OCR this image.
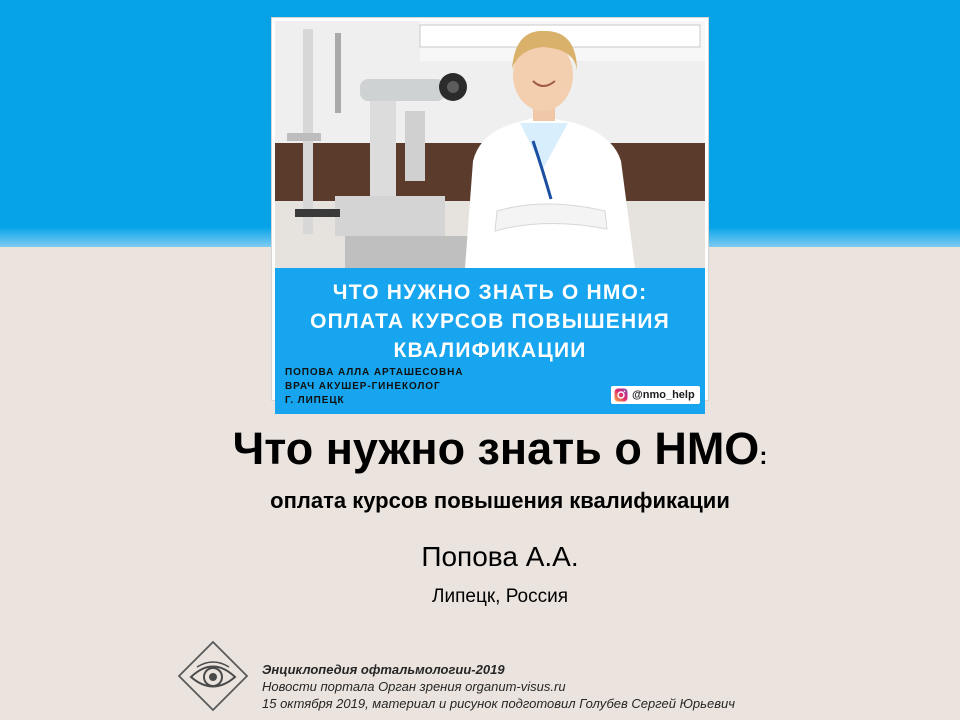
ЧТО НУЖНО ЗНАТЬ О НМО:
ОПЛАТА КУРСОВ ПОВЫШЕНИЯ
КВАЛИФИКАЦИИ

ПОПОВА АЛЛА АРТАШЕСОВНА
ВРАЧ АКУШЕР-ГИНЕКОЛОГ
Г. ЛИПЕЦК	@nmo_help
Что нужно знать о НМО:

оплата курсов повышения квалификации

Попова А.А.
Липецк, Россия
Энциклопедия офтальмологии-2019
Новости портала Орган зрения organum-visus.ru
15 октября 2019, материал и рисунок подготовил Голубев Сергей Юрьевич
